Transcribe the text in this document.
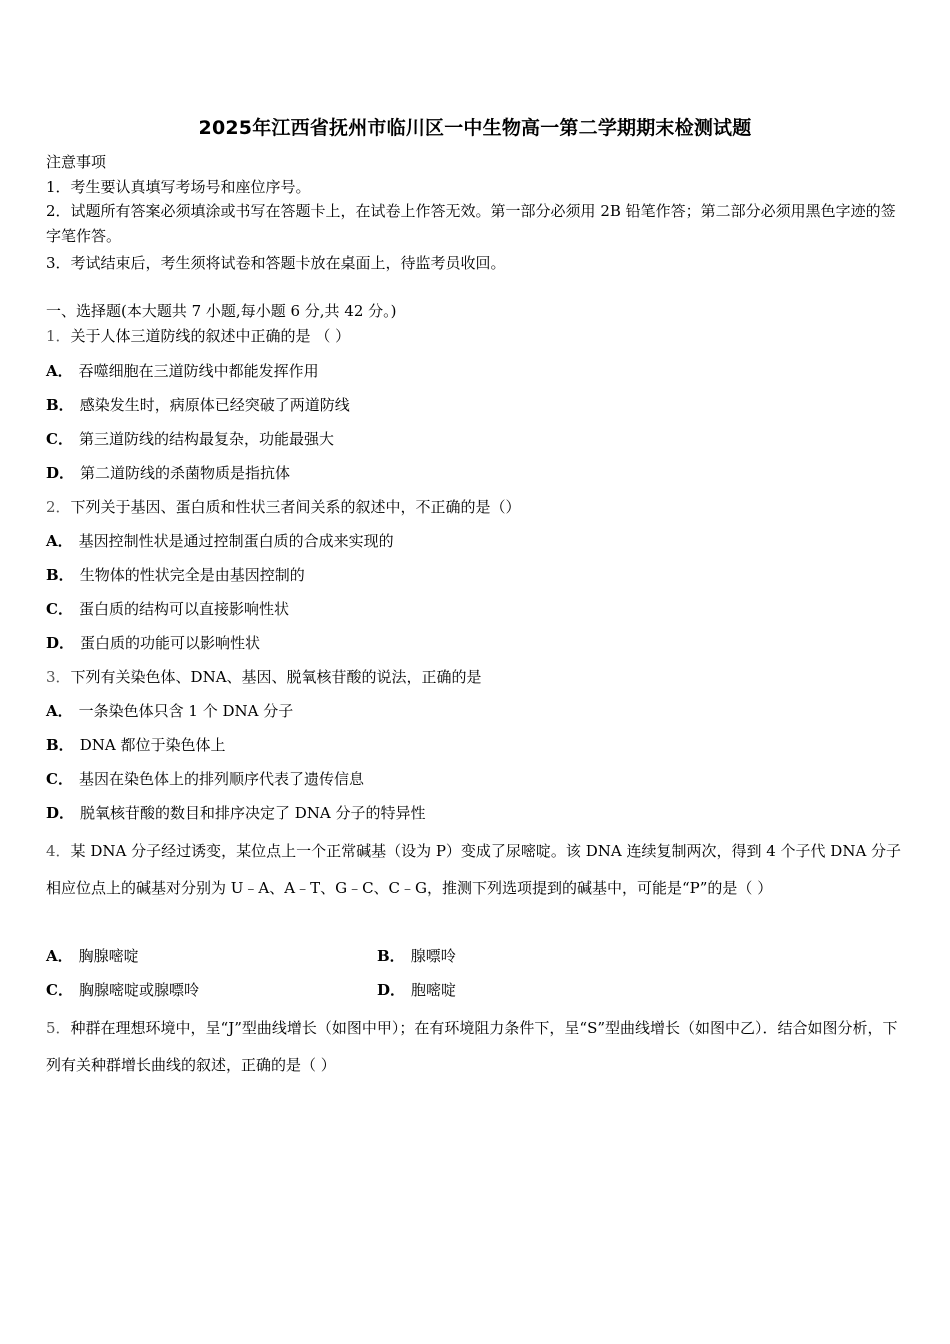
2025年江西省抚州市临川区一中生物高一第二学期期末检测试题
注意事项
1．考生要认真填写考场号和座位序号。
2．试题所有答案必须填涂或书写在答题卡上，在试卷上作答无效。第一部分必须用 2B 铅笔作答；第二部分必须用黑色字迹的签字笔作答。
3．考试结束后，考生须将试卷和答题卡放在桌面上，待监考员收回。
一、选择题(本大题共 7 小题,每小题 6 分,共 42 分。)
1．关于人体三道防线的叙述中正确的是 （ ）
A． 吞噬细胞在三道防线中都能发挥作用
B． 感染发生时，病原体已经突破了两道防线
C． 第三道防线的结构最复杂，功能最强大
D． 第二道防线的杀菌物质是指抗体
2．下列关于基因、蛋白质和性状三者间关系的叙述中，不正确的是（）
A． 基因控制性状是通过控制蛋白质的合成来实现的
B． 生物体的性状完全是由基因控制的
C． 蛋白质的结构可以直接影响性状
D． 蛋白质的功能可以影响性状
3．下列有关染色体、DNA、基因、脱氧核苷酸的说法，正确的是
A． 一条染色体只含 1 个 DNA 分子
B． DNA 都位于染色体上
C． 基因在染色体上的排列顺序代表了遗传信息
D． 脱氧核苷酸的数目和排序决定了 DNA 分子的特异性
4．某 DNA 分子经过诱变，某位点上一个正常碱基（设为 P）变成了尿嘧啶。该 DNA 连续复制两次，得到 4 个子代 DNA 分子相应位点上的碱基对分别为 U﹣A、A﹣T、G﹣C、C﹣G，推测下列选项提到的碱基中，可能是“P”的是（ ）
A． 胸腺嘧啶	B． 腺嘌呤
C． 胸腺嘧啶或腺嘌呤	D． 胞嘧啶
5．种群在理想环境中，呈“J”型曲线增长（如图中甲）；在有环境阻力条件下，呈“S”型曲线增长（如图中乙）．结合如图分析，下列有关种群增长曲线的叙述，正确的是（ ）
